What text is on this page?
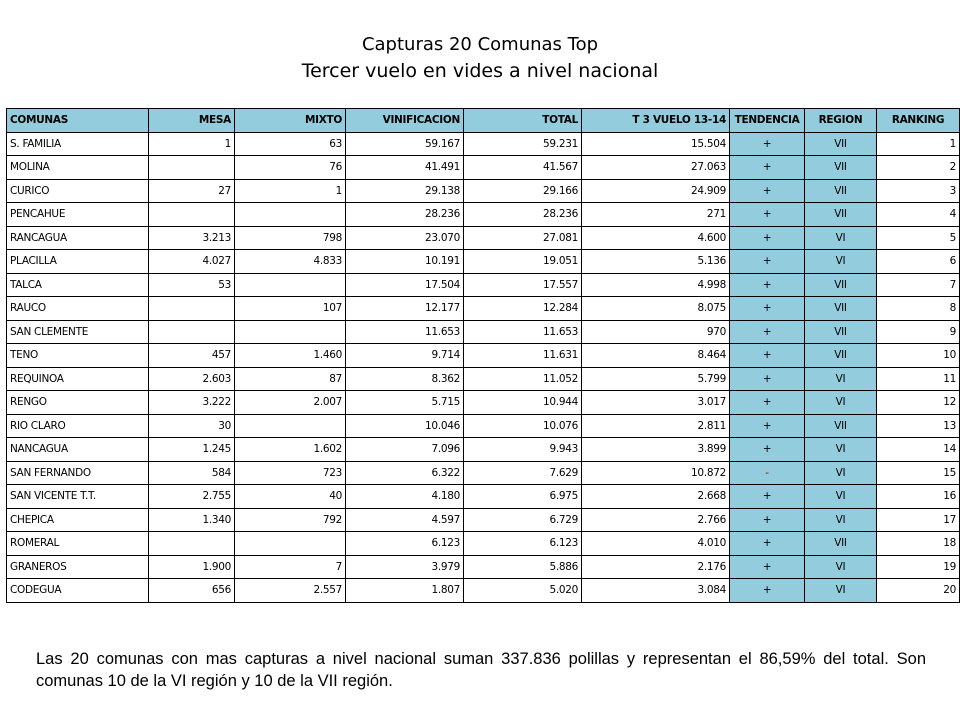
Capturas 20 Comunas Top
Tercer vuelo en vides a nivel nacional
COMUNAS	MESA	MIXTO	VINIFICACION	TOTAL	T 3 VUELO 13-14	TENDENCIA	REGION	RANKING
S. FAMILIA	1	63	59.167	59.231	15.504	+	VII	1
MOLINA		76	41.491	41.567	27.063	+	VII	2
CURICO	27	1	29.138	29.166	24.909	+	VII	3
PENCAHUE			28.236	28.236	271	+	VII	4
RANCAGUA	3.213	798	23.070	27.081	4.600	+	VI	5
PLACILLA	4.027	4.833	10.191	19.051	5.136	+	VI	6
TALCA	53		17.504	17.557	4.998	+	VII	7
RAUCO		107	12.177	12.284	8.075	+	VII	8
SAN CLEMENTE			11.653	11.653	970	+	VII	9
TENO	457	1.460	9.714	11.631	8.464	+	VII	10
REQUINOA	2.603	87	8.362	11.052	5.799	+	VI	11
RENGO	3.222	2.007	5.715	10.944	3.017	+	VI	12
RIO CLARO	30		10.046	10.076	2.811	+	VII	13
NANCAGUA	1.245	1.602	7.096	9.943	3.899	+	VI	14
SAN FERNANDO	584	723	6.322	7.629	10.872	-	VI	15
SAN VICENTE T.T.	2.755	40	4.180	6.975	2.668	+	VI	16
CHEPICA	1.340	792	4.597	6.729	2.766	+	VI	17
ROMERAL			6.123	6.123	4.010	+	VII	18
GRANEROS	1.900	7	3.979	5.886	2.176	+	VI	19
CODEGUA	656	2.557	1.807	5.020	3.084	+	VI	20
Las 20 comunas con mas capturas a nivel nacional suman 337.836 polillas y representan el 86,59% del total. Son comunas 10 de la VI región y 10 de la VII región.
